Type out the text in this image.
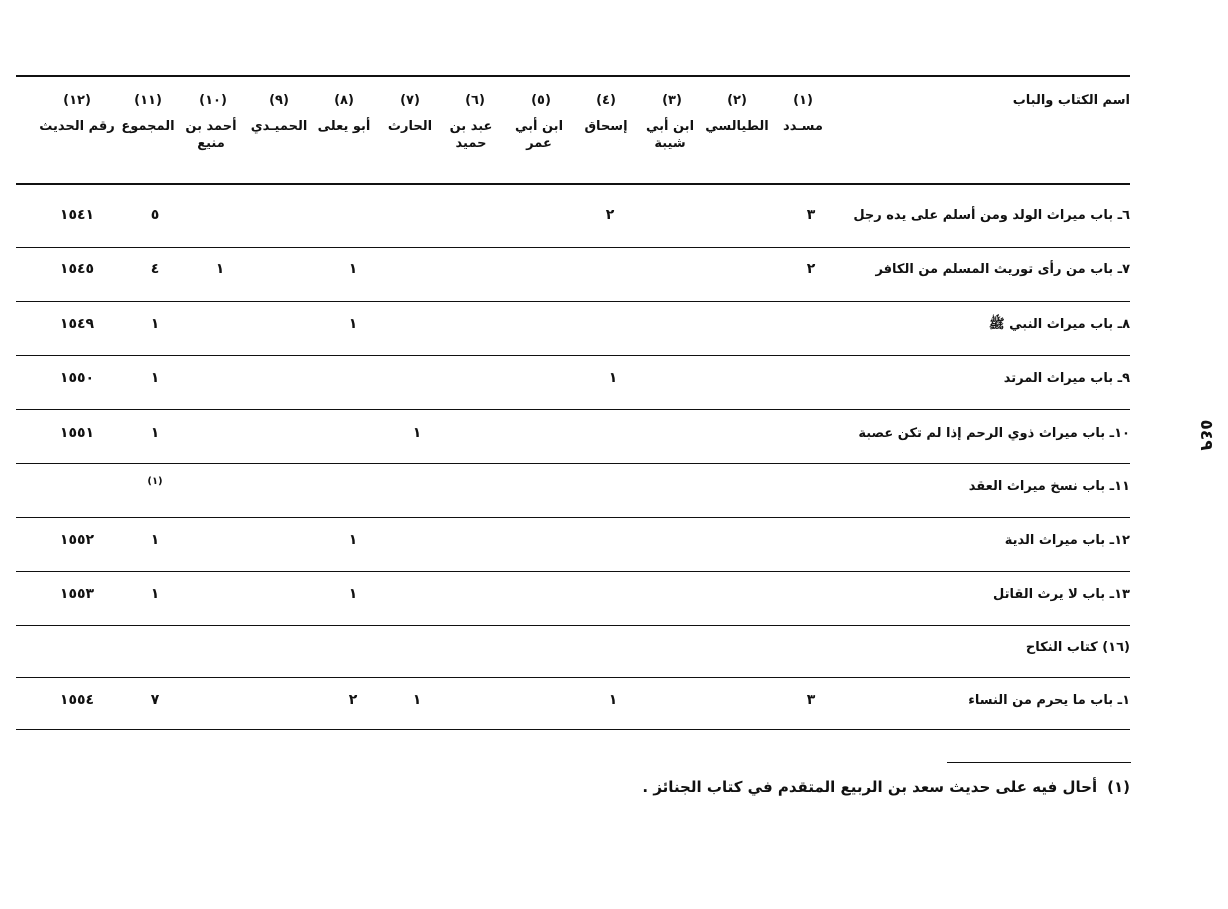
٥٤٩
اسم الكتاب والباب
(١)
مسـدد
(٢)
الطيالسي
(٣)
ابن أبي شيبة
(٤)
إسحاق
(٥)
ابن أبي عمر
(٦)
عبد بن حميد
(٧)
الحارث
(٨)
أبو يعلى
(٩)
الحميـدي
(١٠)
أحمد بن منيع
(١١)
المجموع
(١٢)
رقم الحديث
٦ـ باب ميراث الولد ومن أسلم على يده رجل
٣
٢
٥
١٥٤١
٧ـ باب من رأى توريث المسلم من الكافر
٢
١
١
٤
١٥٤٥
٨ـ باب ميراث النبي ﷺ
١
١
١٥٤٩
٩ـ باب ميراث المرتد
١
١
١٥٥٠
١٠ـ باب ميراث ذوي الرحم إذا لم تكن عصبة
١
١
١٥٥١
١١ـ باب نسخ ميراث العقد
(١)
١٢ـ باب ميراث الدية
١
١
١٥٥٢
١٣ـ باب لا يرث القاتل
١
١
١٥٥٣
(١٦) كتاب النكاح
١ـ باب ما يحرم من النساء
٣
١
١
٢
٧
١٥٥٤
(١)أحال فيه على حديث سعد بن الربيع المتقدم في كتاب الجنائز .
